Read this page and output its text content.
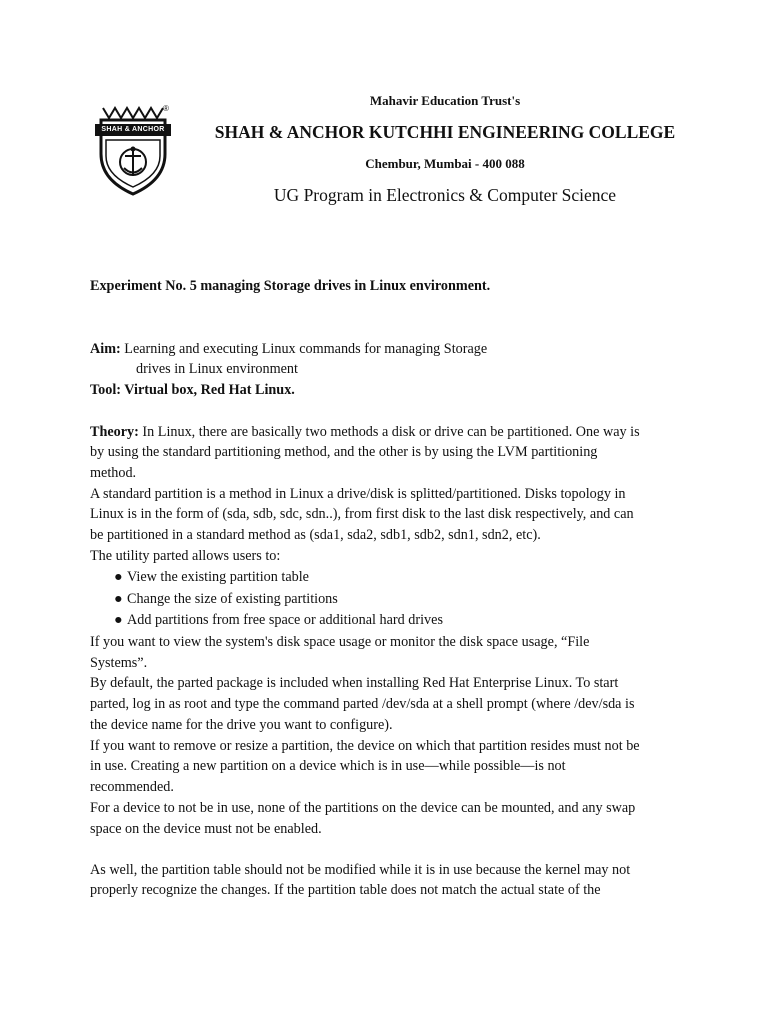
SHAH & ANCHOR
®
Mahavir Education Trust's
SHAH & ANCHOR KUTCHHI ENGINEERING COLLEGE
Chembur, Mumbai - 400 088
UG Program in Electronics & Computer Science
Experiment No. 5 managing Storage drives in Linux environment.
Aim: Learning and executing Linux commands for managing Storage
drives in Linux environment
Tool: Virtual box, Red Hat Linux.
Theory: In Linux, there are basically two methods a disk or drive can be partitioned. One way is
by using the standard partitioning method, and the other is by using the LVM partitioning
method.
A standard partition is a method in Linux a drive/disk is splitted/partitioned. Disks topology in
Linux is in the form of (sda, sdb, sdc, sdn..), from first disk to the last disk respectively, and can
be partitioned in a standard method as (sda1, sda2, sdb1, sdb2, sdn1, sdn2, etc).
The utility parted allows users to:
● View the existing partition table
● Change the size of existing partitions
● Add partitions from free space or additional hard drives
If you want to view the system's disk space usage or monitor the disk space usage, “File
Systems”.
By default, the parted package is included when installing Red Hat Enterprise Linux. To start
parted, log in as root and type the command parted /dev/sda at a shell prompt (where /dev/sda is
the device name for the drive you want to configure).
If you want to remove or resize a partition, the device on which that partition resides must not be
in use. Creating a new partition on a device which is in use—while possible—is not
recommended.
For a device to not be in use, none of the partitions on the device can be mounted, and any swap
space on the device must not be enabled.
As well, the partition table should not be modified while it is in use because the kernel may not
properly recognize the changes. If the partition table does not match the actual state of the
